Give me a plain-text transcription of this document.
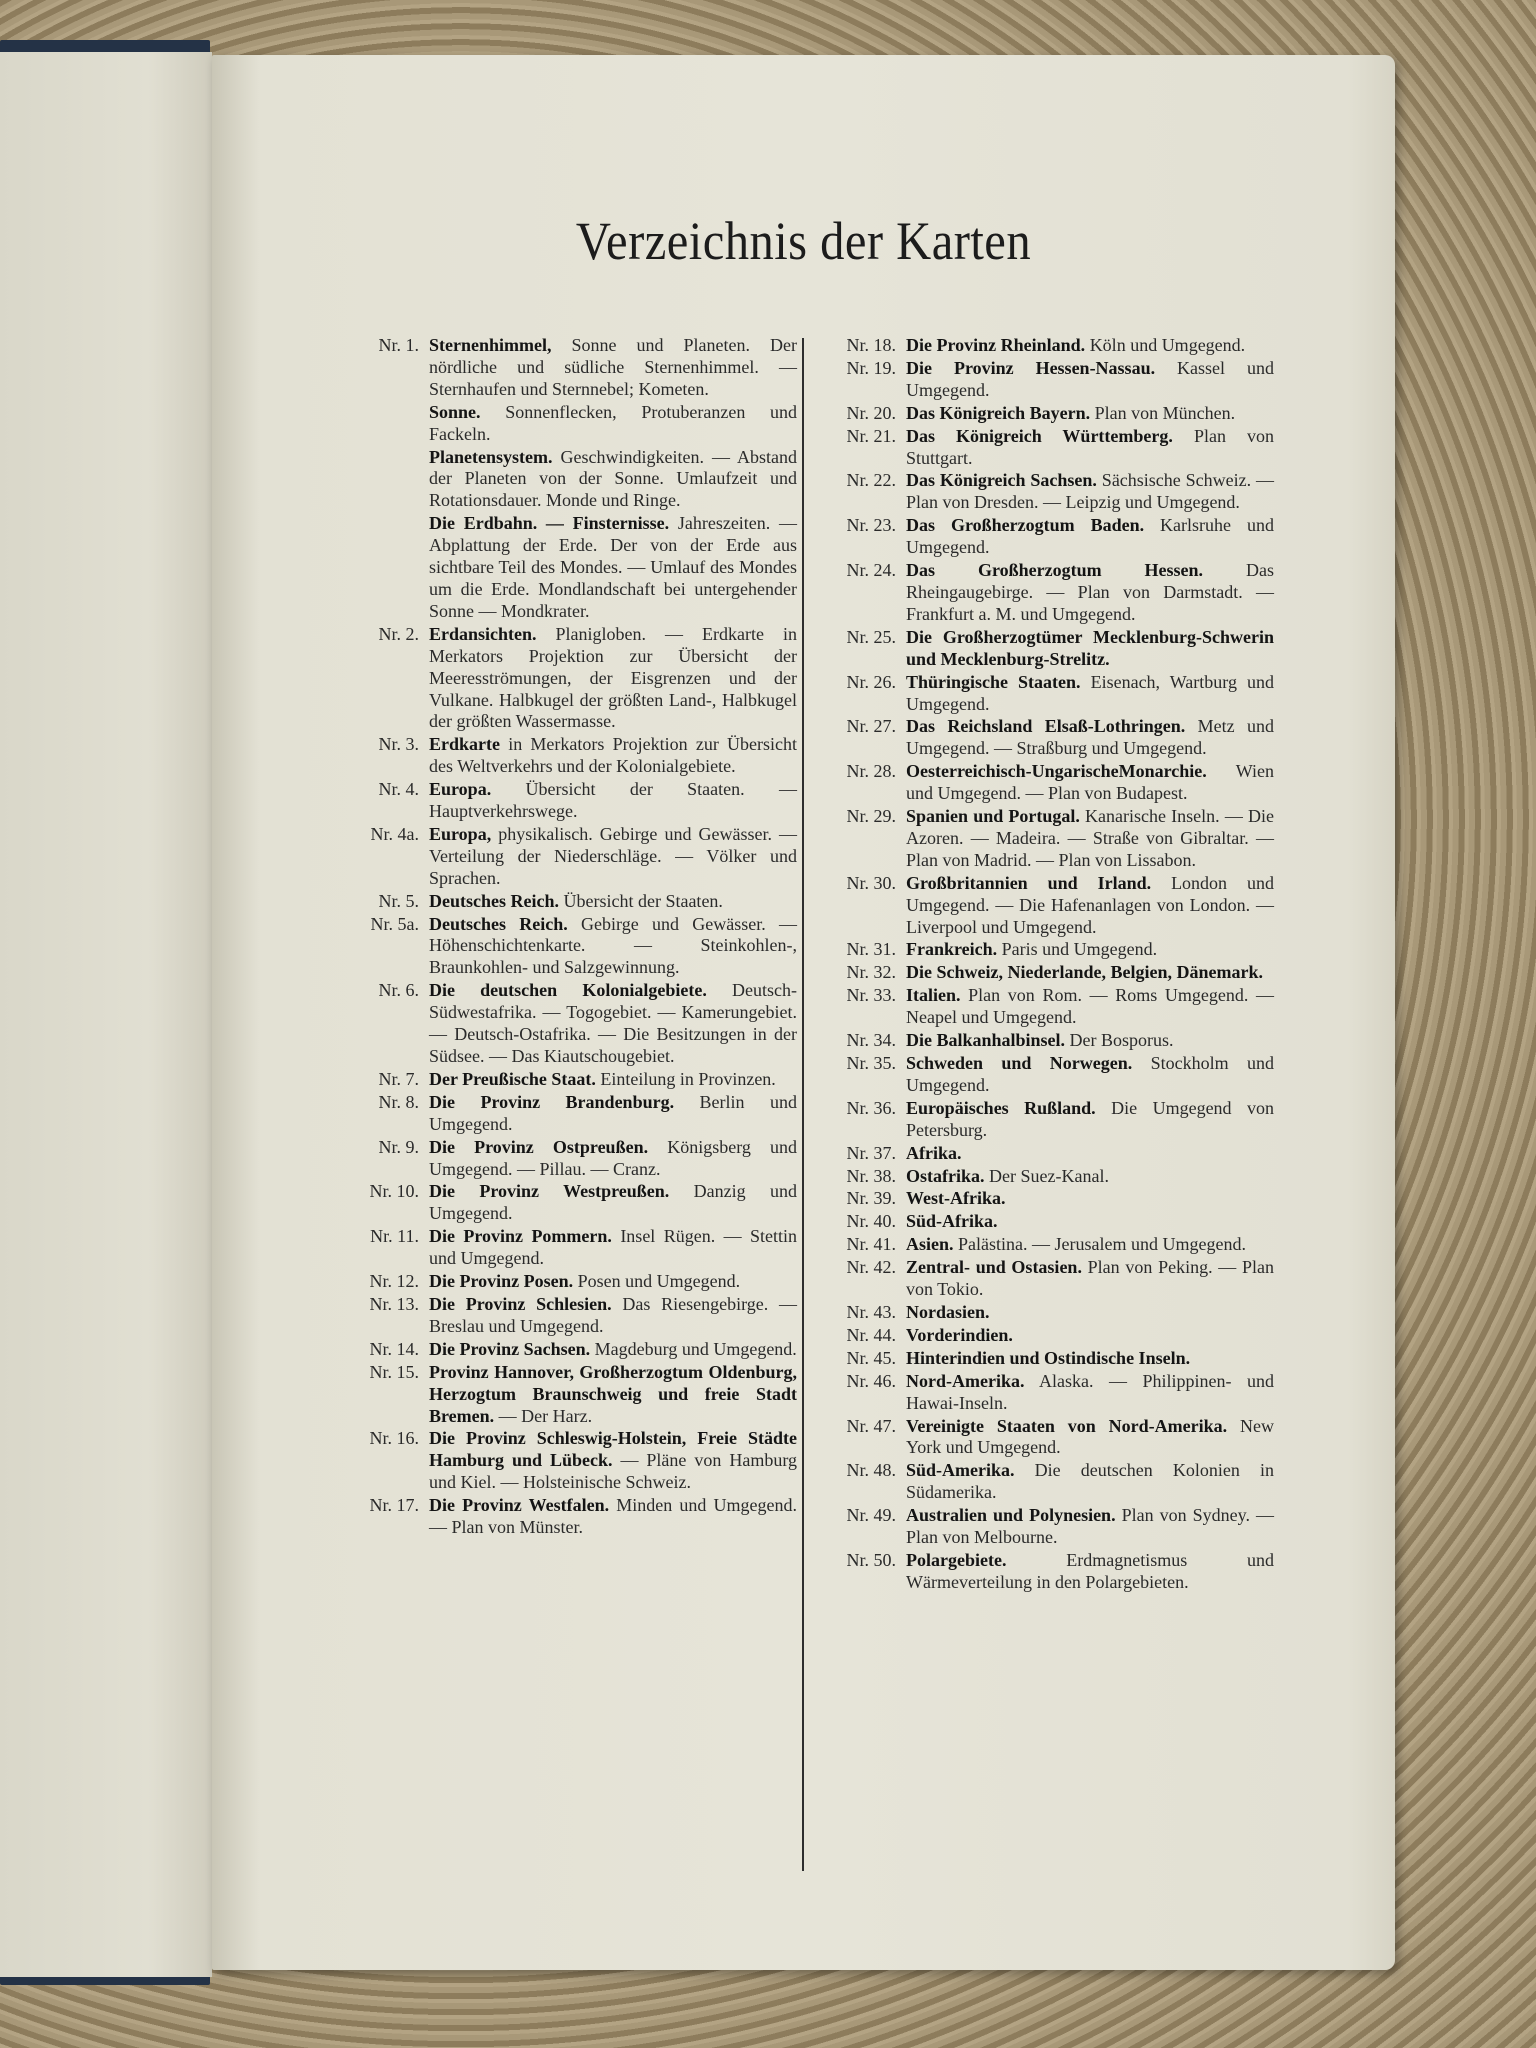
Verzeichnis der Karten
Nr. 1. Sternenhimmel, Sonne und Planeten. Der nördliche und südliche Sternenhimmel. — Sternhaufen und Sternnebel; Kometen.
Sonne. Sonnenflecken, Protuberanzen und Fackeln.
Planetensystem. Geschwindigkeiten. — Abstand der Planeten von der Sonne. Umlaufzeit und Rotationsdauer. Monde und Ringe.
Die Erdbahn. — Finsternisse. Jahreszeiten. — Abplattung der Erde. Der von der Erde aus sichtbare Teil des Mondes. — Umlauf des Mondes um die Erde. Mondlandschaft bei untergehender Sonne — Mondkrater.
Nr. 2. Erdansichten. Planigloben. — Erdkarte in Merkators Projektion zur Übersicht der Meeresströmungen, der Eisgrenzen und der Vulkane. Halbkugel der größten Land-, Halbkugel der größten Wassermasse.
Nr. 3. Erdkarte in Merkators Projektion zur Übersicht des Weltverkehrs und der Kolonialgebiete.
Nr. 4. Europa. Übersicht der Staaten. — Hauptverkehrswege.
Nr. 4a. Europa, physikalisch. Gebirge und Gewässer. — Verteilung der Niederschläge. — Völker und Sprachen.
Nr. 5. Deutsches Reich. Übersicht der Staaten.
Nr. 5a. Deutsches Reich. Gebirge und Gewässer. — Höhenschichtenkarte. — Steinkohlen-, Braunkohlen- und Salzgewinnung.
Nr. 6. Die deutschen Kolonialgebiete. Deutsch-Südwestafrika. — Togogebiet. — Kamerungebiet. — Deutsch-Ostafrika. — Die Besitzungen in der Südsee. — Das Kiautschougebiet.
Nr. 7. Der Preußische Staat. Einteilung in Provinzen.
Nr. 8. Die Provinz Brandenburg. Berlin und Umgegend.
Nr. 9. Die Provinz Ostpreußen. Königsberg und Umgegend. — Pillau. — Cranz.
Nr. 10. Die Provinz Westpreußen. Danzig und Umgegend.
Nr. 11. Die Provinz Pommern. Insel Rügen. — Stettin und Umgegend.
Nr. 12. Die Provinz Posen. Posen und Umgegend.
Nr. 13. Die Provinz Schlesien. Das Riesengebirge. — Breslau und Umgegend.
Nr. 14. Die Provinz Sachsen. Magdeburg und Umgegend.
Nr. 15. Provinz Hannover, Großherzogtum Oldenburg, Herzogtum Braunschweig und freie Stadt Bremen. — Der Harz.
Nr. 16. Die Provinz Schleswig-Holstein, Freie Städte Hamburg und Lübeck. — Pläne von Hamburg und Kiel. — Holsteinische Schweiz.
Nr. 17. Die Provinz Westfalen. Minden und Umgegend. — Plan von Münster.
Nr. 18. Die Provinz Rheinland. Köln und Umgegend.
Nr. 19. Die Provinz Hessen-Nassau. Kassel und Umgegend.
Nr. 20. Das Königreich Bayern. Plan von München.
Nr. 21. Das Königreich Württemberg. Plan von Stuttgart.
Nr. 22. Das Königreich Sachsen. Sächsische Schweiz. — Plan von Dresden. — Leipzig und Umgegend.
Nr. 23. Das Großherzogtum Baden. Karlsruhe und Umgegend.
Nr. 24. Das Großherzogtum Hessen. Das Rheingaugebirge. — Plan von Darmstadt. — Frankfurt a. M. und Umgegend.
Nr. 25. Die Großherzogtümer Mecklenburg-Schwerin und Mecklenburg-Strelitz.
Nr. 26. Thüringische Staaten. Eisenach, Wartburg und Umgegend.
Nr. 27. Das Reichsland Elsaß-Lothringen. Metz und Umgegend. — Straßburg und Umgegend.
Nr. 28. Oesterreichisch-UngarischeMonarchie. Wien und Umgegend. — Plan von Budapest.
Nr. 29. Spanien und Portugal. Kanarische Inseln. — Die Azoren. — Madeira. — Straße von Gibraltar. — Plan von Madrid. — Plan von Lissabon.
Nr. 30. Großbritannien und Irland. London und Umgegend. — Die Hafenanlagen von London. — Liverpool und Umgegend.
Nr. 31. Frankreich. Paris und Umgegend.
Nr. 32. Die Schweiz, Niederlande, Belgien, Dänemark.
Nr. 33. Italien. Plan von Rom. — Roms Umgegend. — Neapel und Umgegend.
Nr. 34. Die Balkanhalbinsel. Der Bosporus.
Nr. 35. Schweden und Norwegen. Stockholm und Umgegend.
Nr. 36. Europäisches Rußland. Die Umgegend von Petersburg.
Nr. 37. Afrika.
Nr. 38. Ostafrika. Der Suez-Kanal.
Nr. 39. West-Afrika.
Nr. 40. Süd-Afrika.
Nr. 41. Asien. Palästina. — Jerusalem und Umgegend.
Nr. 42. Zentral- und Ostasien. Plan von Peking. — Plan von Tokio.
Nr. 43. Nordasien.
Nr. 44. Vorderindien.
Nr. 45. Hinterindien und Ostindische Inseln.
Nr. 46. Nord-Amerika. Alaska. — Philippinen- und Hawai-Inseln.
Nr. 47. Vereinigte Staaten von Nord-Amerika. New York und Umgegend.
Nr. 48. Süd-Amerika. Die deutschen Kolonien in Südamerika.
Nr. 49. Australien und Polynesien. Plan von Sydney. — Plan von Melbourne.
Nr. 50. Polargebiete. Erdmagnetismus und Wärmeverteilung in den Polargebieten.
